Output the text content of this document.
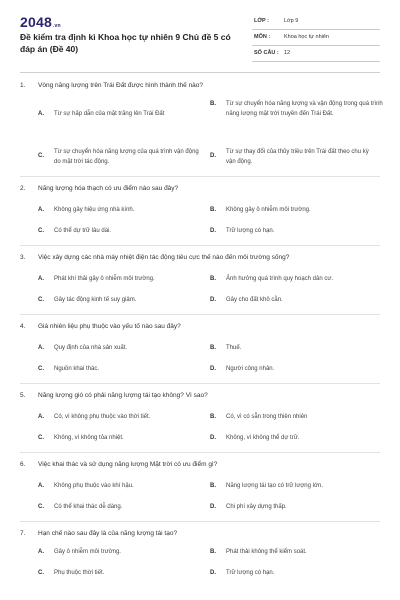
2048.vn
Đề kiểm tra định kì Khoa học tự nhiên 9 Chủ đề 5 có đáp án (Đề 40)
LỚP :	Lớp 9
MÔN :	Khoa học tự nhiên
SỐ CÂU : 12
1. Vòng năng lượng trên Trái Đất được hình thành thế nào?
A. Từ sự hấp dẫn của mặt trăng lên Trái Đất
B. Từ sự chuyển hóa năng lượng và vận động trong quá trình năng lượng mặt trời truyền đến Trái Đất.
C.
Từ sự chuyển hóa năng lượng của quá trình vận động do mặt trời tác động.
D.
Từ sự thay đổi của thủy triều trên Trái đất theo chu kỳ vận động.
2. Năng lượng hóa thạch có ưu điểm nào sau đây?
A. Không gây hiệu ứng nhà kính.	B. Không gây ô nhiễm môi trường.
C. Có thể dự trữ lâu dài.	D. Trữ lượng có hạn.
3. Việc xây dựng các nhà máy nhiệt điện tác động tiêu cực thế nào đến môi trường sống?
A. Phát khí thải gây ô nhiễm môi trường.	B. Ảnh hưởng quá trình quy hoạch dân cư.
C. Gây tác động kinh tế suy giảm.	D. Gây cho đất khô cằn.
4. Giá nhiên liệu phụ thuộc vào yếu tố nào sau đây?
A. Quy định của nhà sản xuất.	B. Thuế.
C. Nguồn khai thác.	D. Người công nhân.
5. Năng lượng gió có phải năng lượng tái tạo không? Vì sao?
A. Có, vì không phụ thuộc vào thời tiết.	B. Có, vì có sẵn trong thiên nhiên
C. Không, vì không tỏa nhiệt.	D. Không, vì không thể dự trữ.
6. Việc khai thác và sử dụng năng lượng Mặt trời có ưu điểm gì?
A. Không phụ thuộc vào khí hậu.	B. Năng lượng tái tạo có trữ lượng lớn.
C. Có thể khai thác dễ dàng.	D. Chi phí xây dựng thấp.
7. Hạn chế nào sau đây là của năng lượng tái tạo?
A. Gây ô nhiễm môi trường.	B. Phát thải không thể kiểm soát.
C. Phụ thuộc thời tiết.	D. Trữ lượng có hạn.
